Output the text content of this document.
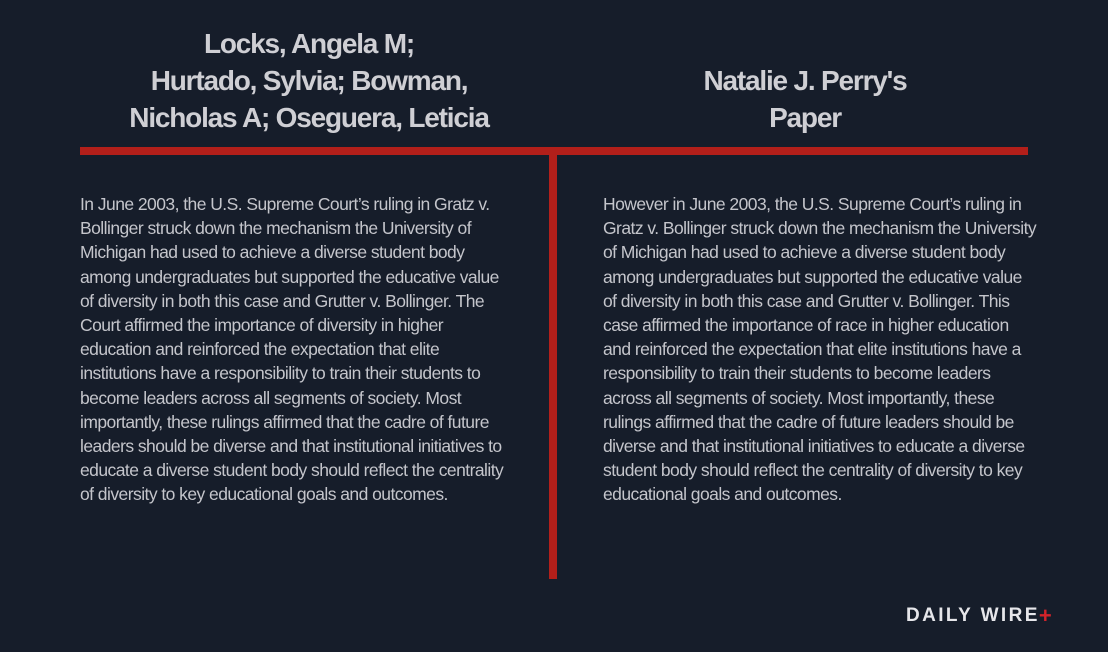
Locks, Angela M;
Hurtado, Sylvia; Bowman,
Nicholas A; Oseguera, Leticia
Natalie J. Perry's
Paper

In June 2003, the U.S. Supreme Court’s ruling in Gratz v. Bollinger struck down the mechanism the University of Michigan had used to achieve a diverse student body among undergraduates but supported the educative value of diversity in both this case and Grutter v. Bollinger. The Court affirmed the importance of diversity in higher education and reinforced the expectation that elite institutions have a responsibility to train their students to become leaders across all segments of society. Most importantly, these rulings affirmed that the cadre of future leaders should be diverse and that institutional initiatives to educate a diverse student body should reflect the centrality of diversity to key educational goals and outcomes.

However in June 2003, the U.S. Supreme Court’s ruling in Gratz v. Bollinger struck down the mechanism the University of Michigan had used to achieve a diverse student body among undergraduates but supported the educative value of diversity in both this case and Grutter v. Bollinger. This case affirmed the importance of race in higher education and reinforced the expectation that elite institutions have a responsibility to train their students to become leaders across all segments of society. Most importantly, these rulings affirmed that the cadre of future leaders should be diverse and that institutional initiatives to educate a diverse student body should reflect the centrality of diversity to key educational goals and outcomes.

DAILY WIRE +
